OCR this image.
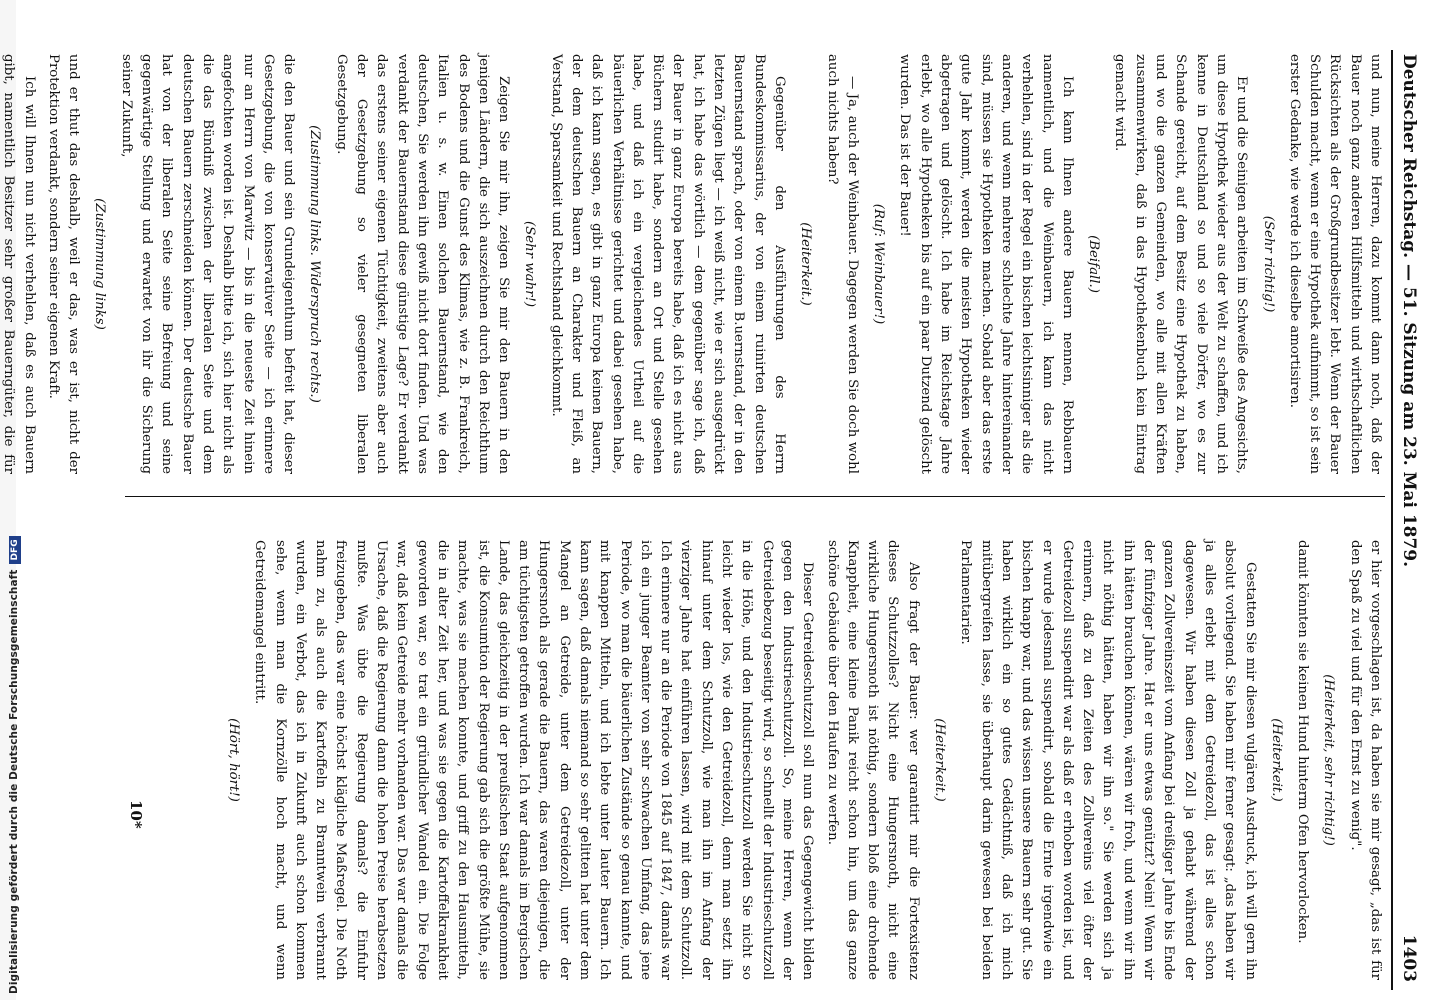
Digitalisierung gefördert durch die Deutsche ForschungsgemeinschaftDFG	Deutscher Reichstag. — 51. Sitzung am 23. Mai 1879.
1403

und nun, meine Herren, dazu kommt dann noch, daß der Bauer noch ganz anderen Hülfsmitteln und wirthschaftlichen Rücksichten als der Großgrundbesitzer lebt. Wenn der Bauer Schulden macht, wenn er eine Hypothek aufnimmt, so ist sein erster Gedanke, wie werde ich dieselbe amortisiren.

(Sehr richtig!)

Er und die Seinigen arbeiten im Schweiße des Angesichts, um diese Hypothek wieder aus der Welt zu schaffen, und ich kenne in Deutschland so und so viele Dörfer, wo es zur Schande gereicht, auf dem Besitz eine Hypothek zu haben, und wo die ganzen Gemeinden, wo alle mit allen Kräften zusammenwirken, daß in das Hypothekenbuch kein Eintrag gemacht wird.

(Beifall.)

Ich kann Ihnen andere Bauern nennen, Rebbauern namentlich, und die Weinbauern, ich kann das nicht verhehlen, sind in der Regel ein bischen leichtsinniger als die anderen, und wenn mehrere schlechte Jahre hintereinander sind, müssen sie Hypotheken machen. Sobald aber das erste gute Jahr kommt, werden die meisten Hypotheken wieder abgetragen und gelöscht. Ich habe im Reichstage Jahre erlebt, wo alle Hypotheken bis auf ein paar Dutzend gelöscht wurden. Das ist der Bauer!

(Ruf: Weinbauer!)

— Ja, auch der Weinbauer. Dagegen werden Sie doch wohl auch nichts haben?

(Heiterkeit.)

Gegenüber den Ausführungen des Herrn Bundeskommissarius, der von einem ruinirten deutschen Bauernstand sprach, oder von einem B.uernstand, der in den letzten Zügen liegt — ich weiß nicht, wie er sich ausgedrückt hat, ich habe das wörtlich — dem gegenüber sage ich, daß der Bauer in ganz Europa bereits habe, daß ich es nicht aus Büchern studirt habe, sondern an Ort und Stelle gesehen habe, und daß ich ein vergleichendes Urtheil auf die bäuerlichen Verhältnisse gerichtet und dabei gesehen habe, daß ich kann sagen, es gibt in ganz Europa keinen Bauern, der dem deutschen Bauern an Charakter und Fleiß, an Verstand, Sparsamkeit und Rechtshand gleichkommt.

(Sehr wahr!)

Zeigen Sie mir ihn, zeigen Sie mir den Bauern in den jenigen Ländern, die sich auszeichnen durch den Reichthum des Bodens und die Gunst des Klimas, wie z. B. Frankreich, Italien u. s. w. Einen solchen Bauernstand, wie den deutschen, Sie werden ihn gewiß nicht dort finden. Und was verdankt der Bauernstand diese günstige Lage? Er verdankt das erstens seiner eigenen Tüchtigkeit, zweitens aber auch der Gesetzgebung so vieler gesegneten liberalen Gesetzgebung.

(Zustimmung links. Widerspruch rechts.)

die den Bauer und sein Grundeigenthum befreit hat, dieser Gesetzgebung, die von konservativer Seite — ich erinnere nur an Herrn von Marwitz — bis in die neueste Zeit hinein angefochten worden ist. Deshalb bitte ich, sich hier nicht als die das Bündniß zwischen der liberalen Seite und dem deutschen Bauern zerschneiden können. Der deutsche Bauer hat von der liberalen Seite seine Befreiung und seine gegenwärtige Stellung und erwartet von ihr die Sicherung seiner Zukunft,

(Zustimmung links)

und er thut das deshalb, weil er das, was er ist, nicht der Protektion verdankt, sondern seiner eigenen Kraft.

Ich will Ihnen nun nicht verhehlen, daß es auch Bauern gibt, namentlich Besitzer sehr großer Bauerngüter, die für

er hier vorgeschlagen ist, da haben sie mir gesagt, „das ist für den Spaß zu viel und für den Ernst zu wenig".

(Heiterkeit, sehr richtig!)

damit könnten sie keinen Hund hinterm Ofen hervorlocken.

(Heiterkeit.)

Gestatten Sie mir diesen vulgären Ausdruck, ich will gern ihn absolut vorliegend. Sie haben mir ferner gesagt: „das haben wir ja alles erlebt mit dem Getreidezoll, das ist alles schon dagewesen. Wir haben diesen Zoll ja gehabt während der ganzen Zollvereinszeit vom Anfang bei dreißiger Jahre bis Ende der fünfziger Jahre. Hat er uns etwas genützt? Nein! Wenn wir ihn hätten brauchen können, wären wir froh, und wenn wir ihn nicht nöthig hätten, haben wir ihn so." Sie werden sich ja erinnern, daß zu den Zeiten des Zollvereins viel öfter der Getreidezoll suspendirt war als daß er erhoben worden ist, und er wurde jedesmal suspendirt, sobald die Ernte irgendwie ein bischen knapp war, und das wissen unsere Bauern sehr gut. Sie haben wirklich ein so gutes Gedächtniß, daß ich mich mitübergreifen lasse, sie überhaupt darin gewesen bei beiden Parlamentarier.

(Heiterkeit.)

Also fragt der Bauer: wer garantirt mir die Fortexistenz dieses Schutzzolles? Nicht eine Hungersnoth, nicht eine wirkliche Hungersnoth ist nöthig, sondern bloß eine drohende Knappheit, eine kleine Panik reicht schon hin, um das ganze schöne Gebäude über den Haufen zu werfen.

Dieser Getreideschutzzoll soll nun das Gegengewicht bilden gegen den Industrieschutzzoll. So, meine Herren, wenn der Getreidebezug beseitigt wird, so schnellt der Industrieschutzzoll in die Höhe, und den Industrieschutzzoll werden Sie nicht so leicht wieder los, wie den Getreidezoll, denn man setzt ihn hinauf unter dem Schutzzoll, wie man ihn im Anfang der vierziger Jahre hat einführen lassen, wird mit dem Schutzzoll. Ich erinnere nur an die Periode von 1845 auf 1847, damals war ich ein junger Beamter von sehr schwachen Umfang, das jene Periode, wo man die bäuerlichen Zustände so genau kannte, und mit knappen Mitteln, und ich lebte unter lauter Bauern. Ich kann sagen, daß damals niemand so sehr gelitten hat unter dem Mangel an Getreide, unter dem Getreidezoll, unter der Hungersnoth als gerade die Bauern, das waren diejenigen, die am tüchtigsten getroffen wurden. Ich war damals im Bergischen Lande, das gleichzeitig in der preußischen Staat aufgenommen ist, die Konsumtion der Regierung gab sich die größte Mühe, sie machte, was sie machen konnte, und griff zu den Hausmitteln, die in alter Zeit her, und was sie gegen die Kartoffelkrankheit geworden war, so trat ein gründlicher Wandel ein. Die Folge war, daß kein Getreide mehr vorhanden war. Das war damals die Ursache, daß die Regierung dann die hohen Preise herabsetzen mußte. Was übte die Regierung damals? die Einfuhr freizugeben, das war eine höchst klägliche Maßregel. Die Noth nahm zu, als auch die Kartoffeln zu Branntwein verbrannt wurden, ein Verbot, das ich in Zukunft auch schon kommen sehe, wenn man die Kornzölle hoch macht, und wenn Getreidemangel eintritt.

(Hört, hört!)

10*
